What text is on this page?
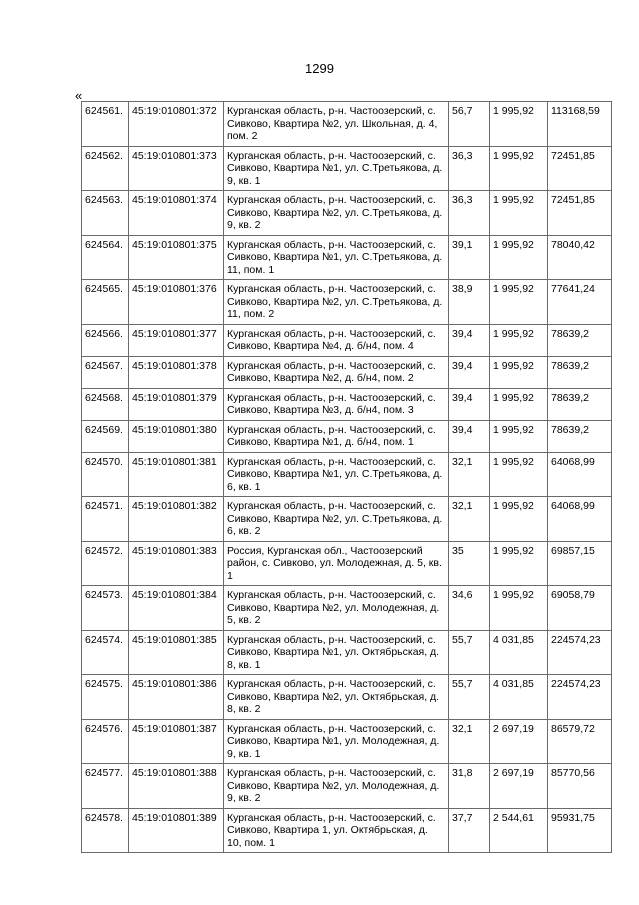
1299
«
624561.	45:19:010801:372	Курганская область, р-н. Частоозерский, с. Сивково, Квартира №2, ул. Школьная, д. 4, пом. 2	56,7	1 995,92	113168,59
624562.	45:19:010801:373	Курганская область, р-н. Частоозерский, с. Сивково, Квартира №1, ул. С.Третьякова, д. 9, кв. 1	36,3	1 995,92	72451,85
624563.	45:19:010801:374	Курганская область, р-н. Частоозерский, с. Сивково, Квартира №2, ул. С.Третьякова, д. 9, кв. 2	36,3	1 995,92	72451,85
624564.	45:19:010801:375	Курганская область, р-н. Частоозерский, с. Сивково, Квартира №1, ул. С.Третьякова, д. 11, пом. 1	39,1	1 995,92	78040,42
624565.	45:19:010801:376	Курганская область, р-н. Частоозерский, с. Сивково, Квартира №2, ул. С.Третьякова, д. 11, пом. 2	38,9	1 995,92	77641,24
624566.	45:19:010801:377	Курганская область, р-н. Частоозерский, с. Сивково, Квартира №4, д. б/н4, пом. 4	39,4	1 995,92	78639,2
624567.	45:19:010801:378	Курганская область, р-н. Частоозерский, с. Сивково, Квартира №2, д. б/н4, пом. 2	39,4	1 995,92	78639,2
624568.	45:19:010801:379	Курганская область, р-н. Частоозерский, с. Сивково, Квартира №3, д. б/н4, пом. 3	39,4	1 995,92	78639,2
624569.	45:19:010801:380	Курганская область, р-н. Частоозерский, с. Сивково, Квартира №1, д. б/н4, пом. 1	39,4	1 995,92	78639,2
624570.	45:19:010801:381	Курганская область, р-н. Частоозерский, с. Сивково, Квартира №1, ул. С.Третьякова, д. 6, кв. 1	32,1	1 995,92	64068,99
624571.	45:19:010801:382	Курганская область, р-н. Частоозерский, с. Сивково, Квартира №2, ул. С.Третьякова, д. 6, кв. 2	32,1	1 995,92	64068,99
624572.	45:19:010801:383	Россия, Курганская обл., Частоозерский район, с. Сивково, ул. Молодежная, д. 5, кв. 1	35	1 995,92	69857,15
624573.	45:19:010801:384	Курганская область, р-н. Частоозерский, с. Сивково, Квартира №2, ул. Молодежная, д. 5, кв. 2	34,6	1 995,92	69058,79
624574.	45:19:010801:385	Курганская область, р-н. Частоозерский, с. Сивково, Квартира №1, ул. Октябрьская, д. 8, кв. 1	55,7	4 031,85	224574,23
624575.	45:19:010801:386	Курганская область, р-н. Частоозерский, с. Сивково, Квартира №2, ул. Октябрьская, д. 8, кв. 2	55,7	4 031,85	224574,23
624576.	45:19:010801:387	Курганская область, р-н. Частоозерский, с. Сивково, Квартира №1, ул. Молодежная, д. 9, кв. 1	32,1	2 697,19	86579,72
624577.	45:19:010801:388	Курганская область, р-н. Частоозерский, с. Сивково, Квартира №2, ул. Молодежная, д. 9, кв. 2	31,8	2 697,19	85770,56
624578.	45:19:010801:389	Курганская область, р-н. Частоозерский, с. Сивково, Квартира 1, ул. Октябрьская, д. 10, пом. 1	37,7	2 544,61	95931,75
